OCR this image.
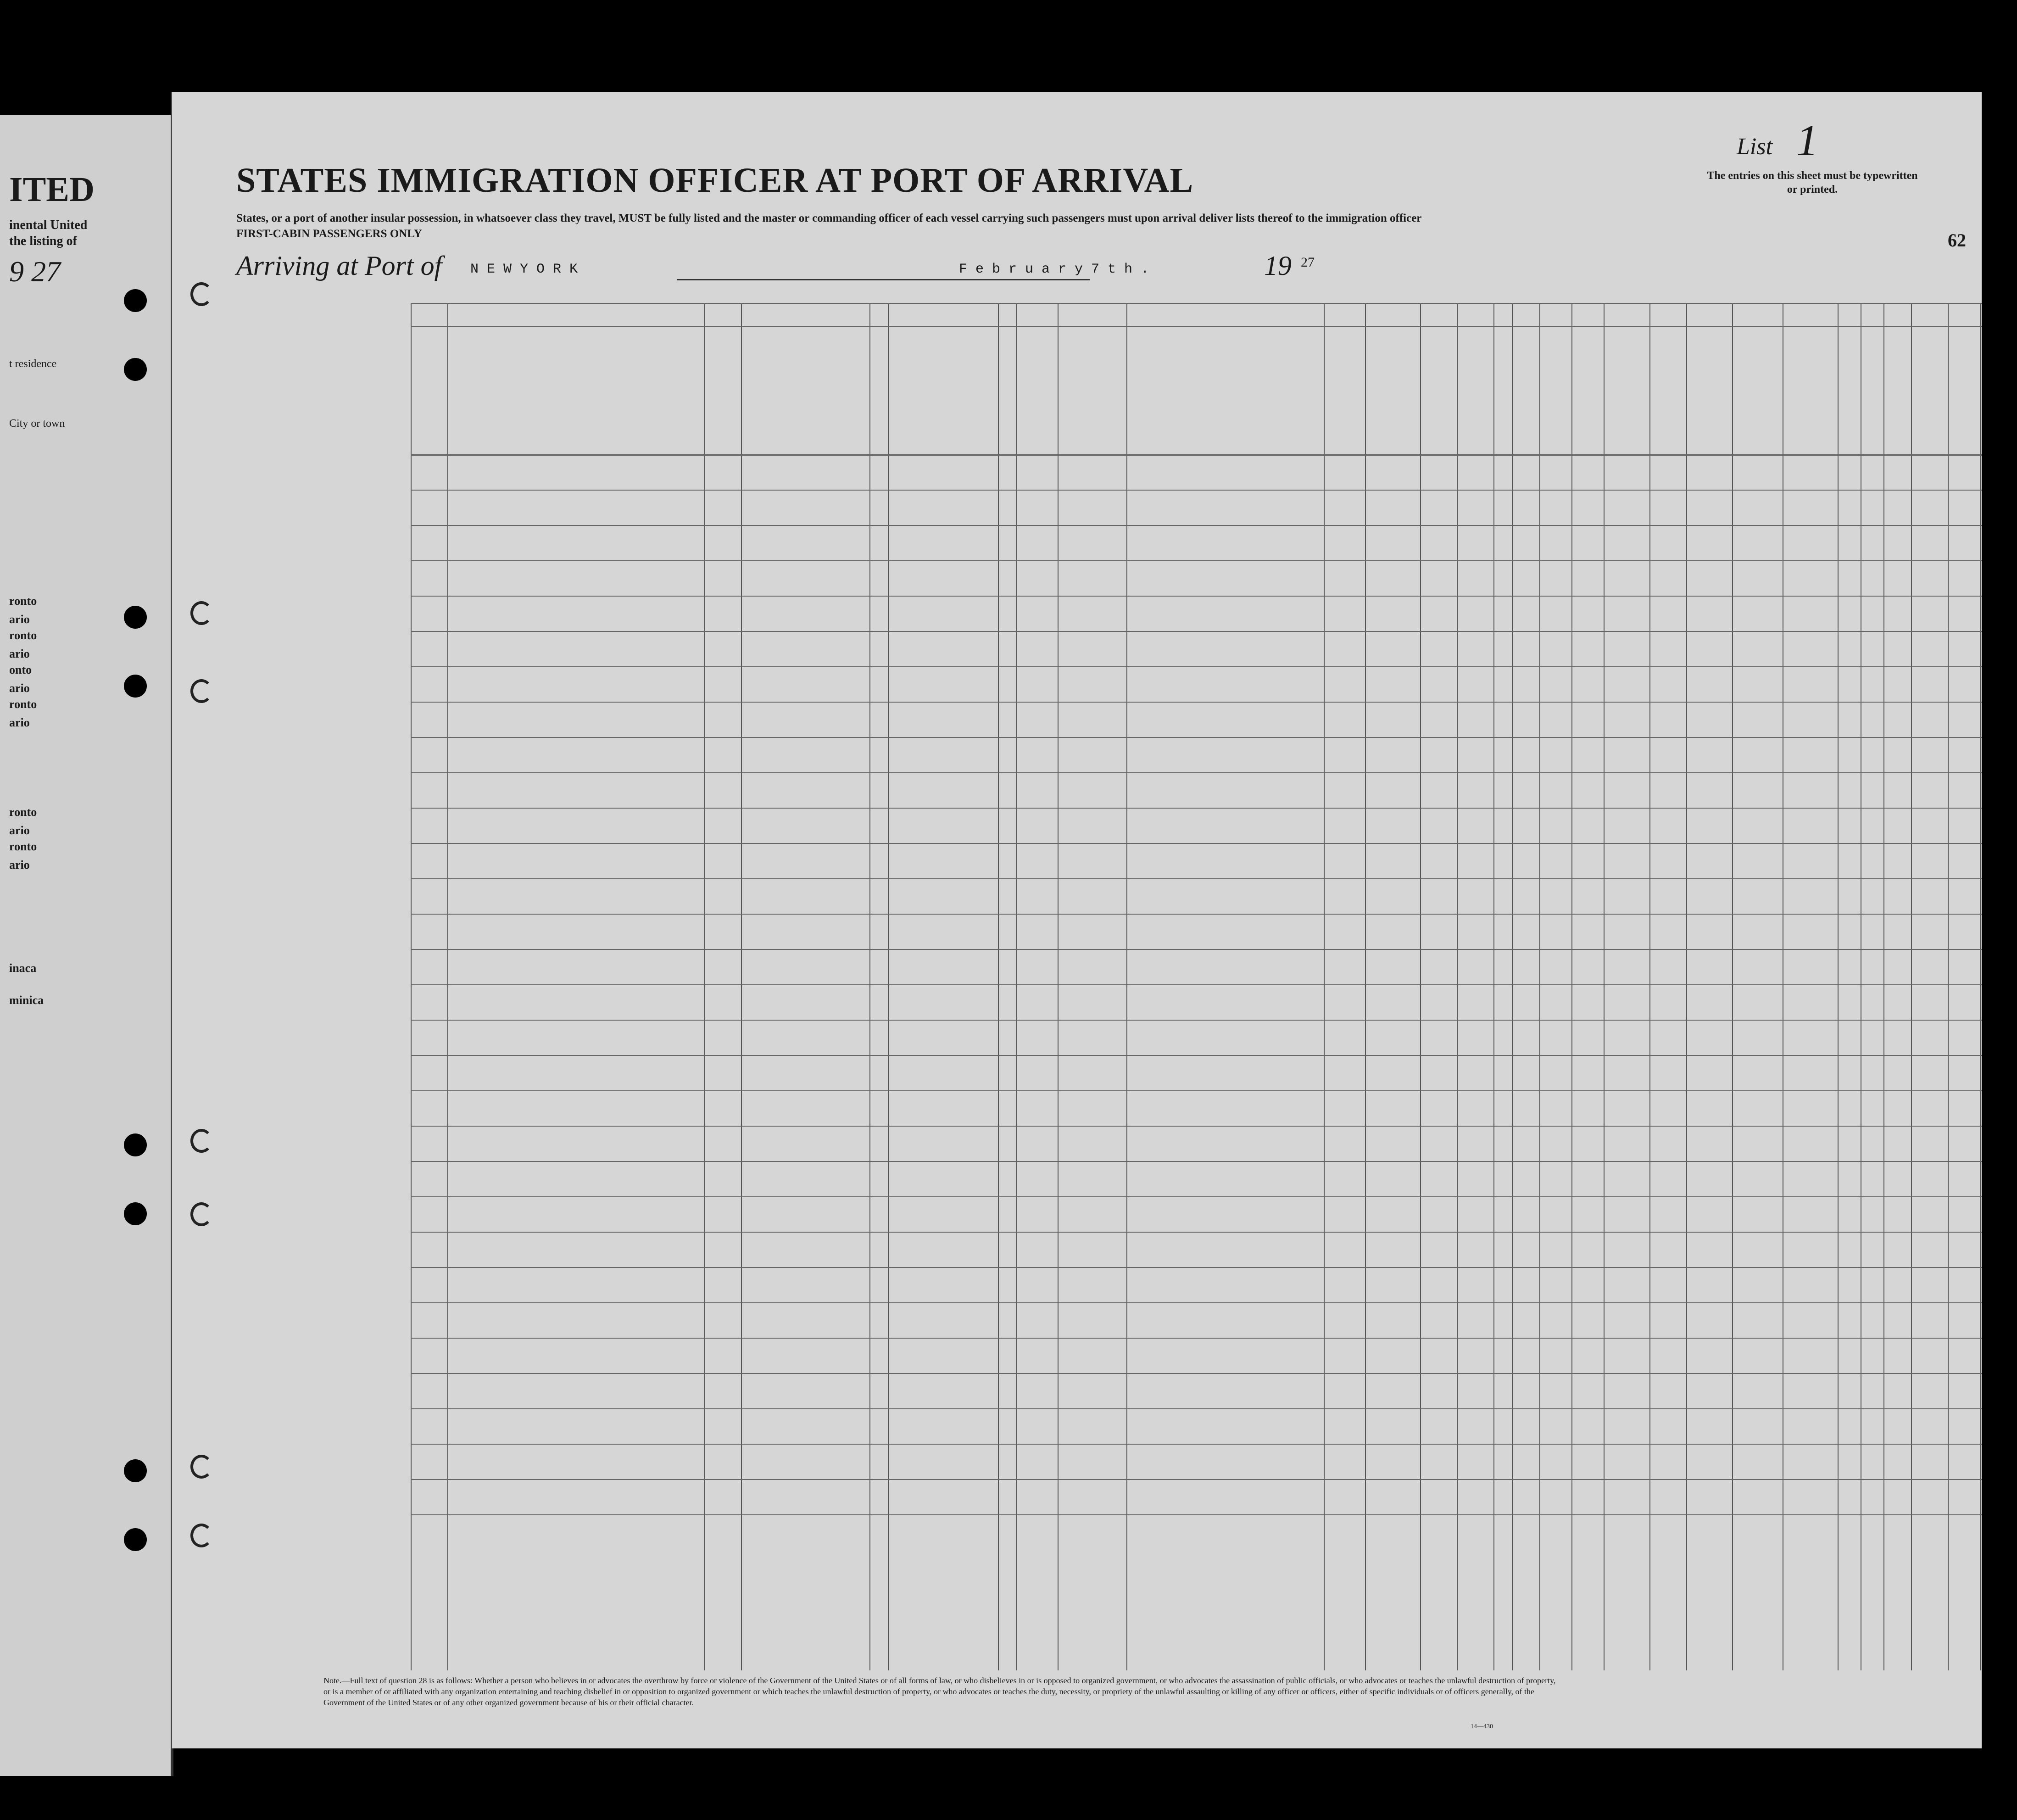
ITED
inental United
the listing of
9 27
t residence
City or town
ronto
ario
ronto
ario
onto
ario
ronto
ario
ronto
ario
ronto
ario
inaca
minica
STATES IMMIGRATION OFFICER AT PORT OF ARRIVAL
States, or a port of another insular possession, in whatsoever class they travel, MUST be fully listed and the master or commanding officer of each vessel carrying such passengers must upon arrival deliver lists thereof to the immigration officer
FIRST-CABIN PASSENGERS ONLY
Arriving at Port of N E W Y O R K	F e b r u a r y 7 t h .	19 27
List 1
The entries on this sheet must be typewritten or printed.
62
Note.—Full text of question 28 is as follows: Whether a person who believes in or advocates the overthrow by force or violence of the Government of the United States or of all forms of law, or who disbelieves in or is opposed to organized government, or who advocates the assassination of public officials, or who advocates or teaches the unlawful destruction of property, or is a member of or affiliated with any organization entertaining and teaching disbelief in or opposition to organized government or which teaches the unlawful destruction of property, or who advocates or teaches the duty, necessity, or propriety of the unlawful assaulting or killing of any officer or officers, either of specific individuals or of officers generally, of the Government of the United States or of any other organized government because of his or their official character.
14—430
